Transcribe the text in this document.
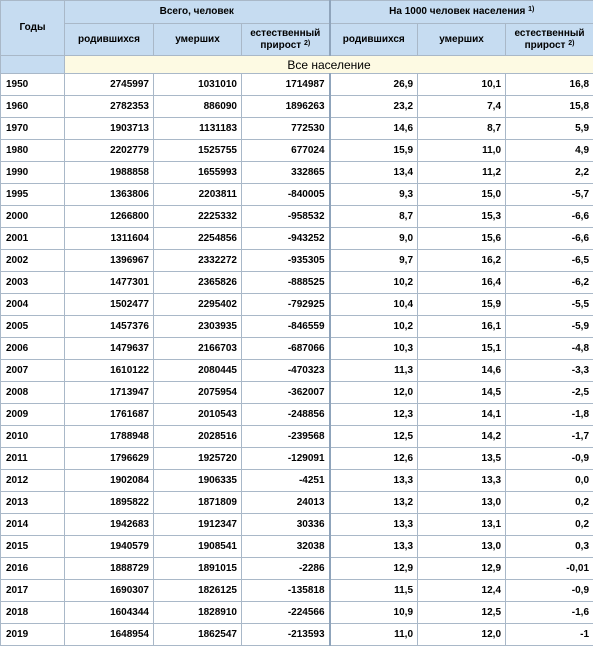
Годы	Всего, человек			На 1000 человек населения $^{1)}$
	родившихся	умерших	естественный прирост $^{2)}$	родившихся	умерших	естественный прирост $^{2)}$
	Все население					
1950	2745997	1031010	1714987	26,9	10,1	16,8
1960	2782353	886090	1896263	23,2	7,4	15,8
1970	1903713	1131183	772530	14,6	8,7	5,9
1980	2202779	1525755	677024	15,9	11,0	4,9
1990	1988858	1655993	332865	13,4	11,2	2,2
1995	1363806	2203811	-840005	9,3	15,0	-5,7
2000	1266800	2225332	-958532	8,7	15,3	-6,6
2001	1311604	2254856	-943252	9,0	15,6	-6,6
2002	1396967	2332272	-935305	9,7	16,2	-6,5
2003	1477301	2365826	-888525	10,2	16,4	-6,2
2004	1502477	2295402	-792925	10,4	15,9	-5,5
2005	1457376	2303935	-846559	10,2	16,1	-5,9
2006	1479637	2166703	-687066	10,3	15,1	-4,8
2007	1610122	2080445	-470323	11,3	14,6	-3,3
2008	1713947	2075954	-362007	12,0	14,5	-2,5
2009	1761687	2010543	-248856	12,3	14,1	-1,8
2010	1788948	2028516	-239568	12,5	14,2	-1,7
2011	1796629	1925720	-129091	12,6	13,5	-0,9
2012	1902084	1906335	-4251	13,3	13,3	0,0
2013	1895822	1871809	24013	13,2	13,0	0,2
2014	1942683	1912347	30336	13,3	13,1	0,2
2015	1940579	1908541	32038	13,3	13,0	0,3
2016	1888729	1891015	-2286	12,9	12,9	-0,01
2017	1690307	1826125	-135818	11,5	12,4	-0,9
2018	1604344	1828910	-224566	10,9	12,5	-1,6
2019	1648954	1862547	-213593	11,0	12,0	-1
